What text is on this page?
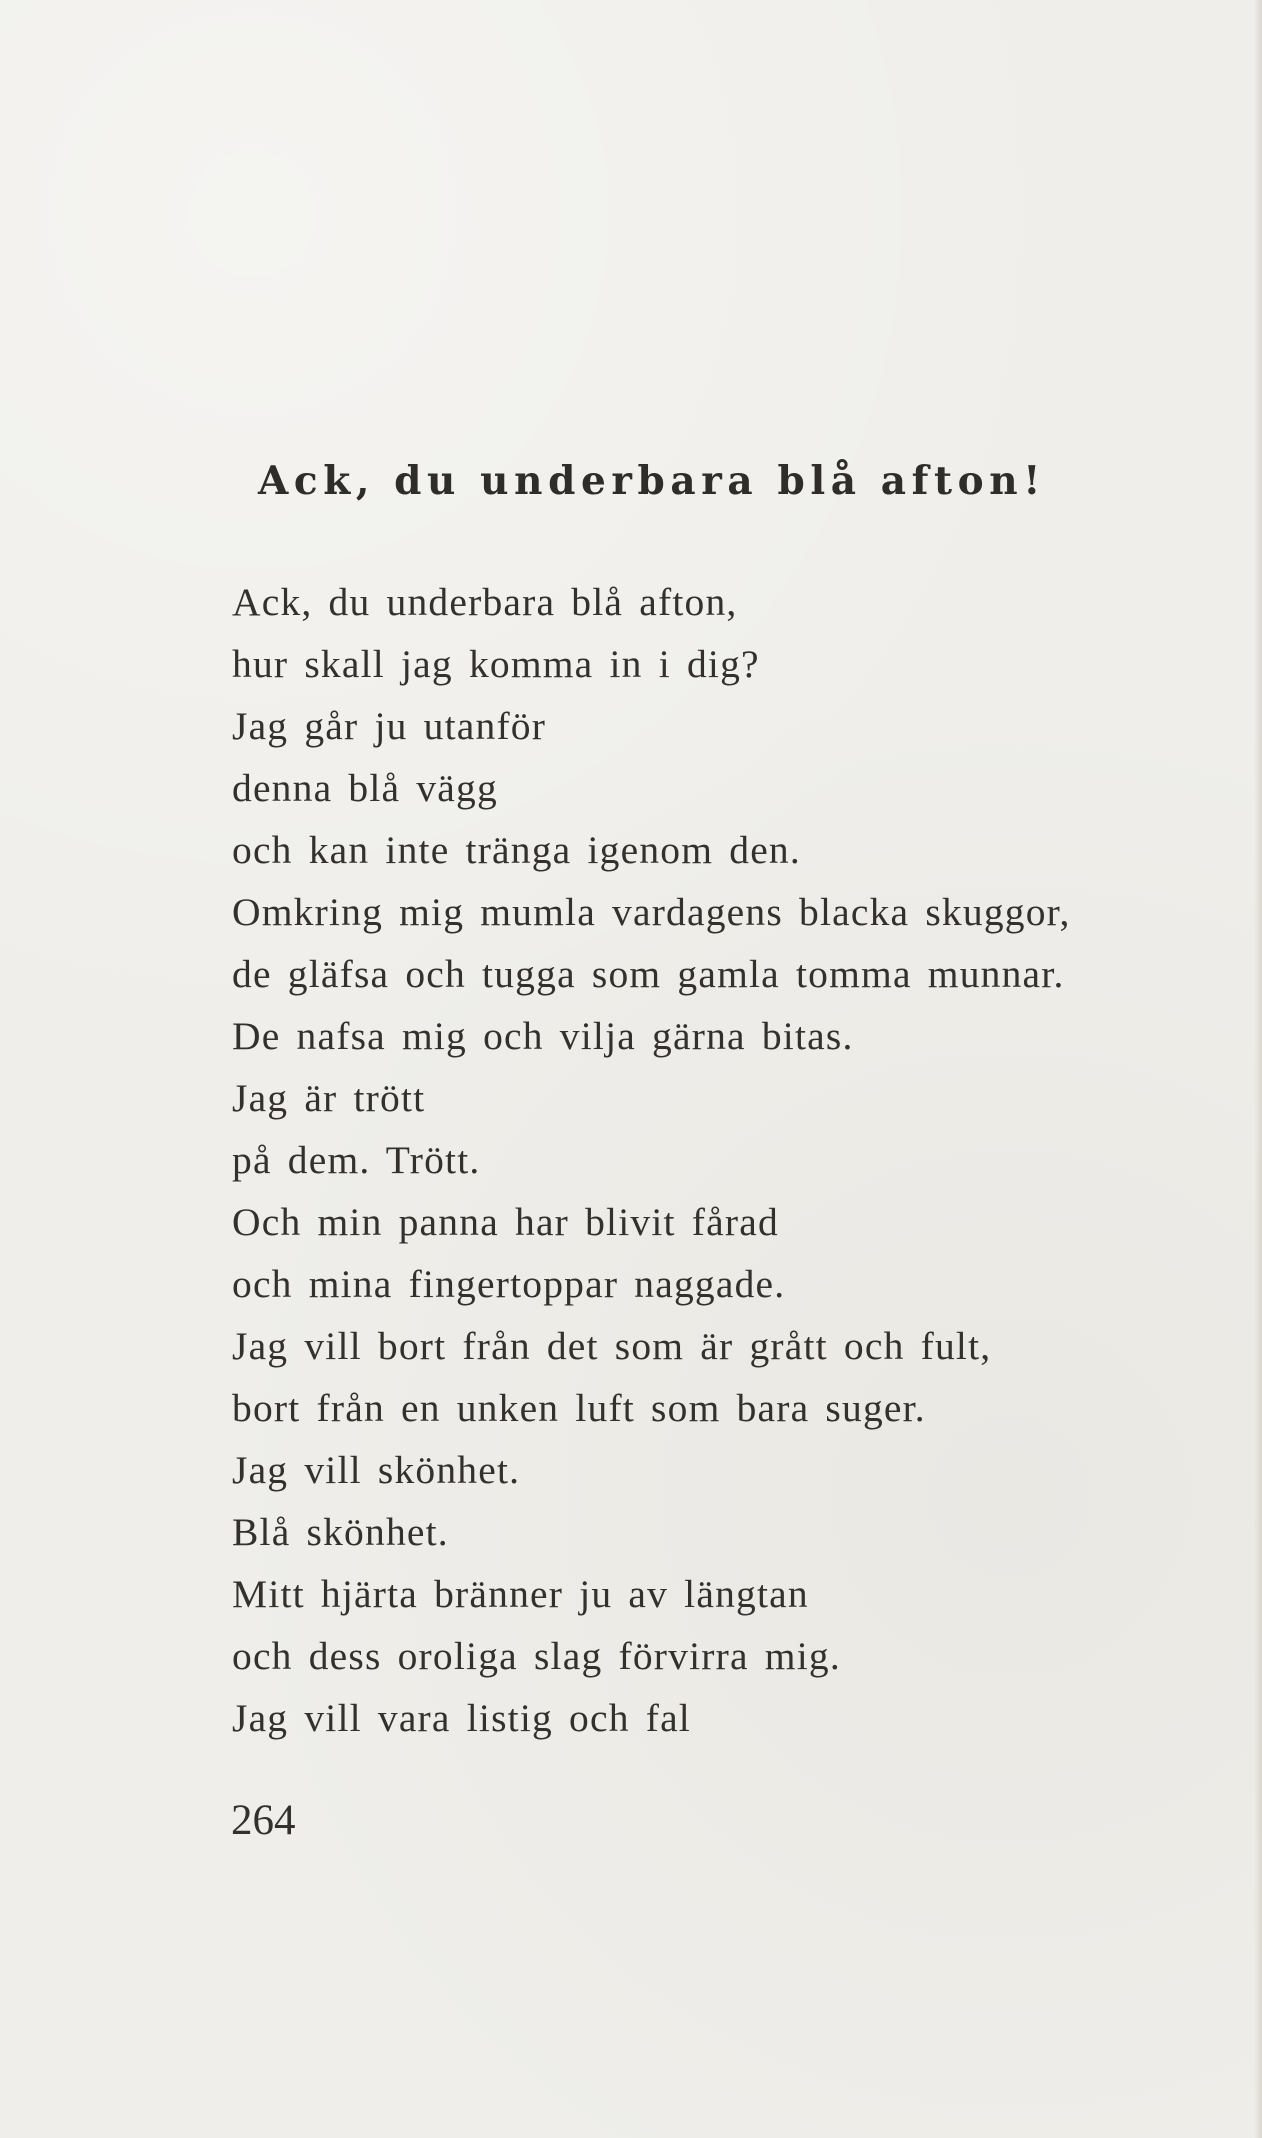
Ack, du underbara blå afton!
Ack, du underbara blå afton,
hur skall jag komma in i dig?
Jag går ju utanför
denna blå vägg
och kan inte tränga igenom den.
Omkring mig mumla vardagens blacka skuggor,
de gläfsa och tugga som gamla tomma munnar.
De nafsa mig och vilja gärna bitas.
Jag är trött
på dem. Trött.
Och min panna har blivit fårad
och mina fingertoppar naggade.
Jag vill bort från det som är grått och fult,
bort från en unken luft som bara suger.
Jag vill skönhet.
Blå skönhet.
Mitt hjärta bränner ju av längtan
och dess oroliga slag förvirra mig.
Jag vill vara listig och fal
264
